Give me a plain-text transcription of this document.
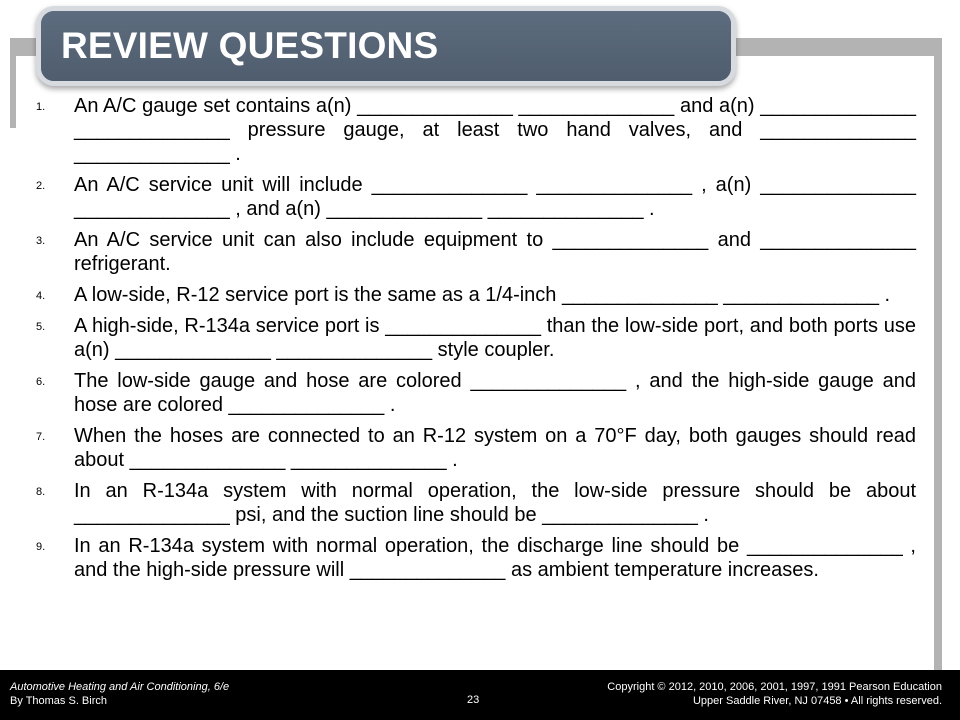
REVIEW QUESTIONS
1.	An A/C gauge set contains a(n) ______________ ______________ and a(n) ______________ ______________ pressure gauge, at least two hand valves, and ______________ ______________ .
2.	An A/C service unit will include ______________ ______________ , a(n) ______________ ______________ , and a(n) ______________ ______________ .
3.	An A/C service unit can also include equipment to ______________ and ______________ refrigerant.
4.	A low-side, R-12 service port is the same as a 1/4-inch ______________ ______________ .
5.	A high-side, R-134a service port is ______________ than the low-side port, and both ports use a(n) ______________ ______________ style coupler.
6.	The low-side gauge and hose are colored ______________ , and the high-side gauge and hose are colored ______________ .
7.	When the hoses are connected to an R-12 system on a 70°F day, both gauges should read about ______________ ______________ .
8.	In an R-134a system with normal operation, the low-side pressure should be about ______________ psi, and the suction line should be ______________ .
9.	In an R-134a system with normal operation, the discharge line should be ______________ , and the high-side pressure will ______________ as ambient temperature increases.
Automotive Heating and Air Conditioning, 6/e
By Thomas S. Birch	23
Copyright © 2012, 2010, 2006, 2001, 1997, 1991 Pearson Education
Upper Saddle River, NJ 07458 • All rights reserved.
